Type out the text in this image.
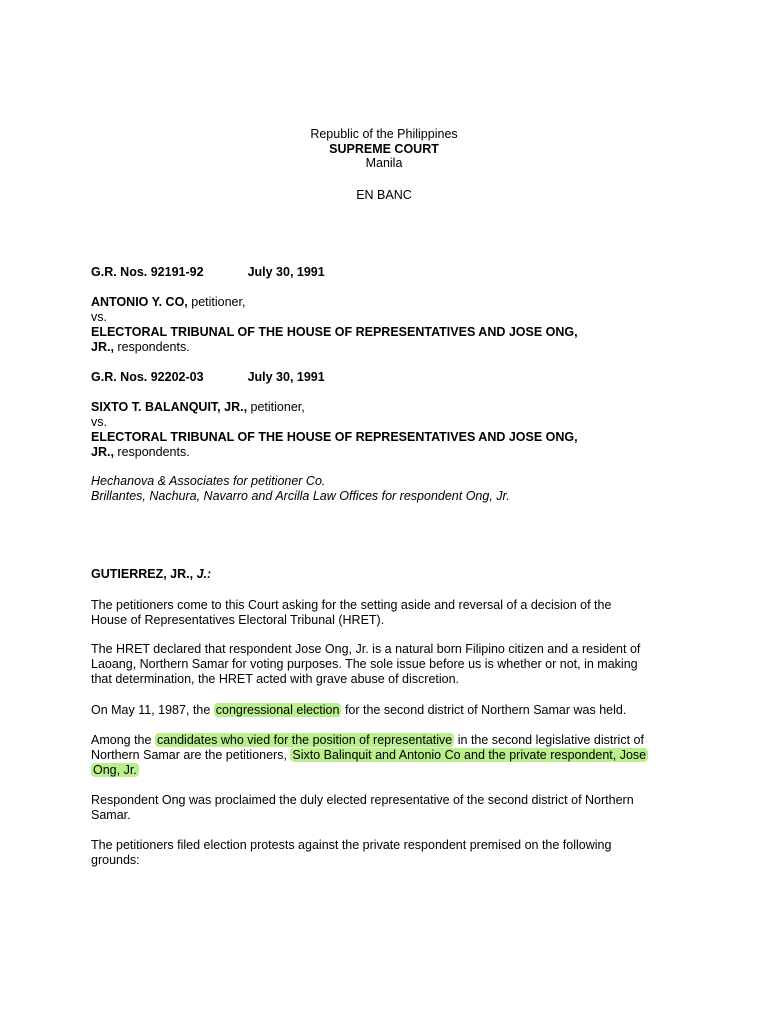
Republic of the Philippines
SUPREME COURT
Manila
EN BANC
G.R. Nos. 92191-92	July 30, 1991
ANTONIO Y. CO, petitioner,
vs.
ELECTORAL TRIBUNAL OF THE HOUSE OF REPRESENTATIVES AND JOSE ONG,
JR., respondents.
G.R. Nos. 92202-03	July 30, 1991
SIXTO T. BALANQUIT, JR., petitioner,
vs.
ELECTORAL TRIBUNAL OF THE HOUSE OF REPRESENTATIVES AND JOSE ONG,
JR., respondents.
Hechanova & Associates for petitioner Co.
Brillantes, Nachura, Navarro and Arcilla Law Offices for respondent Ong, Jr.
GUTIERREZ, JR., J.:
The petitioners come to this Court asking for the setting aside and reversal of a decision of the
House of Representatives Electoral Tribunal (HRET).
The HRET declared that respondent Jose Ong, Jr. is a natural born Filipino citizen and a resident of
Laoang, Northern Samar for voting purposes. The sole issue before us is whether or not, in making
that determination, the HRET acted with grave abuse of discretion.
On May 11, 1987, the congressional election for the second district of Northern Samar was held.
Among the candidates who vied for the position of representative in the second legislative district of
Northern Samar are the petitioners, Sixto Balinquit and Antonio Co and the private respondent, Jose
Ong, Jr.
Respondent Ong was proclaimed the duly elected representative of the second district of Northern
Samar.
The petitioners filed election protests against the private respondent premised on the following
grounds:
